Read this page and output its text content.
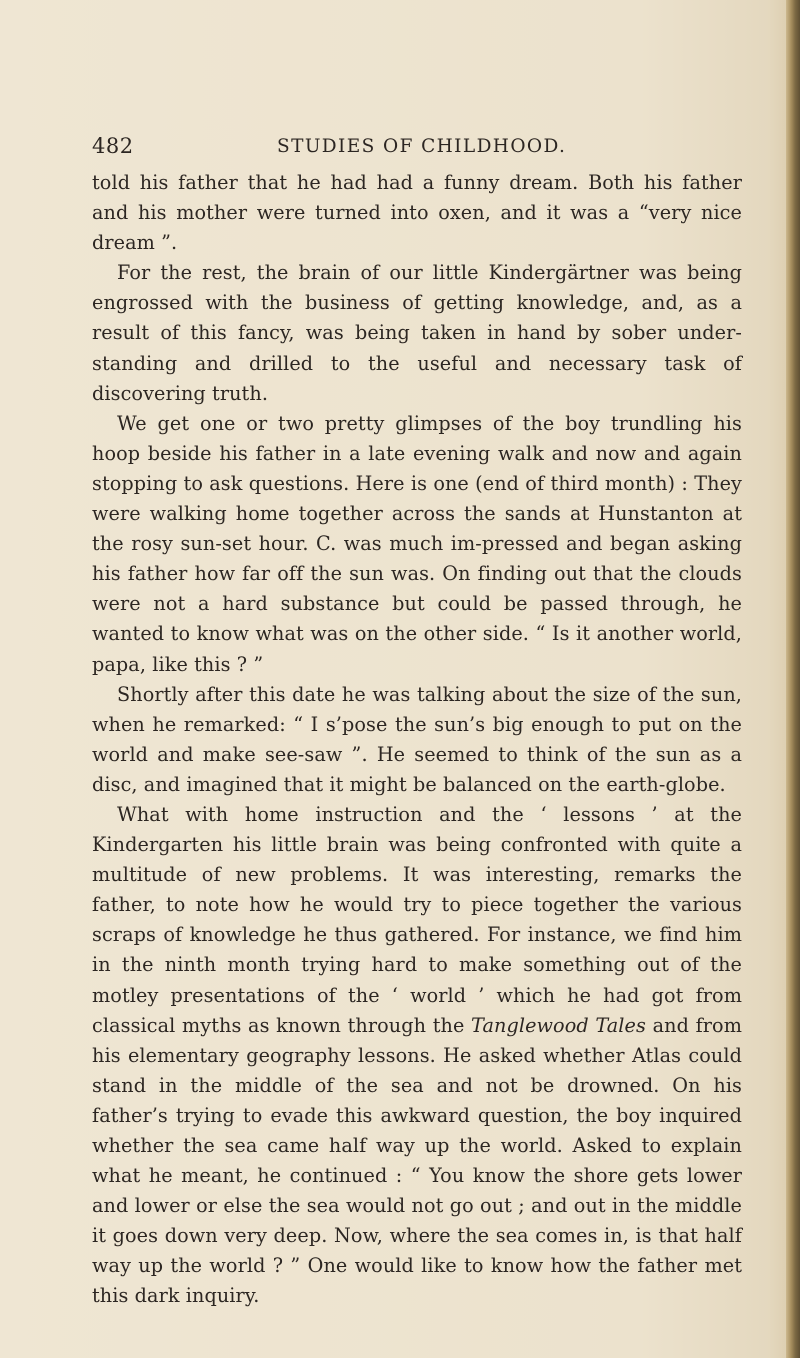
482	STUDIES OF CHILDHOOD.

told his father that he had had a funny dream. Both his father and his mother were turned into oxen, and it was a “very nice dream ”.

For the rest, the brain of our little Kindergärtner was being engrossed with the business of getting knowledge, and, as a result of this fancy, was being taken in hand by sober under-standing and drilled to the useful and necessary task of discovering truth.

We get one or two pretty glimpses of the boy trundling his hoop beside his father in a late evening walk and now and again stopping to ask questions. Here is one (end of third month) : They were walking home together across the sands at Hunstanton at the rosy sun-set hour. C. was much im-pressed and began asking his father how far off the sun was. On finding out that the clouds were not a hard substance but could be passed through, he wanted to know what was on the other side. “ Is it another world, papa, like this ? ”

Shortly after this date he was talking about the size of the sun, when he remarked: “ I s’pose the sun’s big enough to put on the world and make see-saw ”. He seemed to think of the sun as a disc, and imagined that it might be balanced on the earth-globe.

What with home instruction and the ‘ lessons ’ at the Kindergarten his little brain was being confronted with quite a multitude of new problems. It was interesting, remarks the father, to note how he would try to piece together the various scraps of knowledge he thus gathered. For instance, we find him in the ninth month trying hard to make something out of the motley presentations of the ‘ world ’ which he had got from classical myths as known through the Tanglewood Tales and from his elementary geography lessons. He asked whether Atlas could stand in the middle of the sea and not be drowned. On his father’s trying to evade this awkward question, the boy inquired whether the sea came half way up the world. Asked to explain what he meant, he continued : “ You know the shore gets lower and lower or else the sea would not go out ; and out in the middle it goes down very deep. Now, where the sea comes in, is that half way up the world ? ” One would like to know how the father met this dark inquiry.
